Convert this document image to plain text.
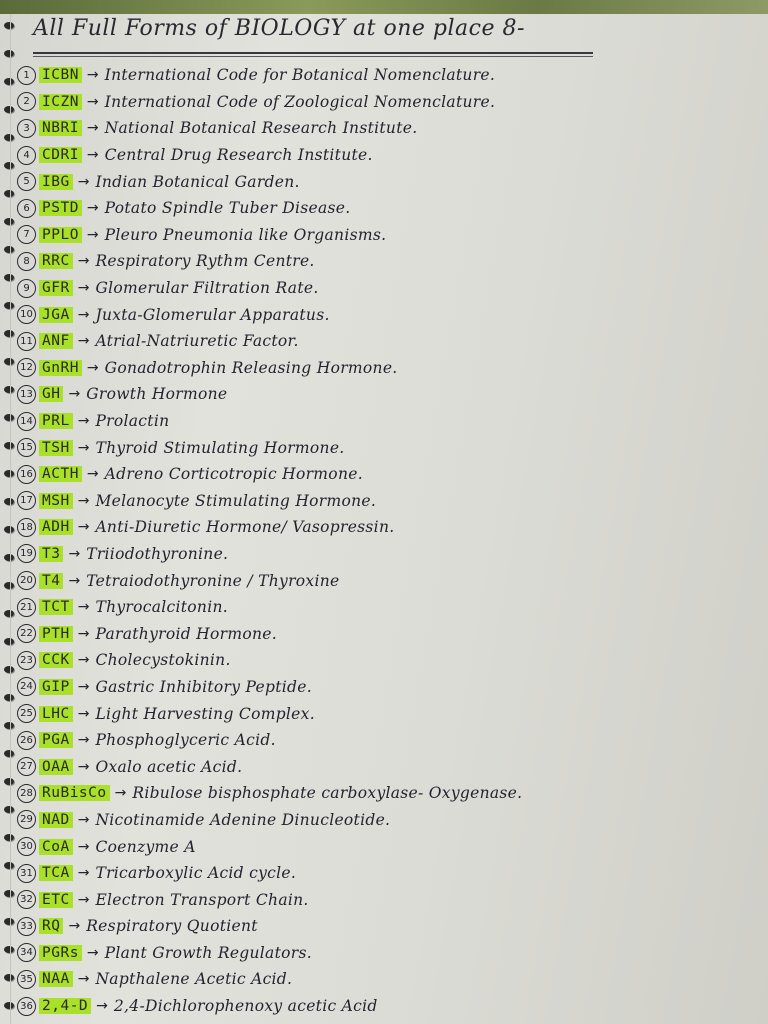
All Full Forms of BIOLOGY at one place 8-
1 ICBN → International Code for Botanical Nomenclature.
2 ICZN → International Code of Zoological Nomenclature.
3 NBRI → National Botanical Research Institute.
4 CDRI → Central Drug Research Institute.
5 IBG → Indian Botanical Garden.
6 PSTD → Potato Spindle Tuber Disease.
7 PPLO → Pleuro Pneumonia like Organisms.
8 RRC → Respiratory Rythm Centre.
9 GFR → Glomerular Filtration Rate.
10 JGA → Juxta-Glomerular Apparatus.
11 ANF → Atrial-Natriuretic Factor.
12 GnRH → Gonadotrophin Releasing Hormone.
13 GH → Growth Hormone
14 PRL → Prolactin
15 TSH → Thyroid Stimulating Hormone.
16 ACTH → Adreno Corticotropic Hormone.
17 MSH → Melanocyte Stimulating Hormone.
18 ADH → Anti-Diuretic Hormone/ Vasopressin.
19 T3 → Triiodothyronine.
20 T4 → Tetraiodothyronine / Thyroxine
21 TCT → Thyrocalcitonin.
22 PTH → Parathyroid Hormone.
23 CCK → Cholecystokinin.
24 GIP → Gastric Inhibitory Peptide.
25 LHC → Light Harvesting Complex.
26 PGA → Phosphoglyceric Acid.
27 OAA → Oxalo acetic Acid.
28 RuBisCo → Ribulose bisphosphate carboxylase- Oxygenase.
29 NAD → Nicotinamide Adenine Dinucleotide.
30 CoA → Coenzyme A
31 TCA → Tricarboxylic Acid cycle.
32 ETC → Electron Transport Chain.
33 RQ → Respiratory Quotient
34 PGRs → Plant Growth Regulators.
35 NAA → Napthalene Acetic Acid.
36 2,4-D → 2,4-Dichlorophenoxy acetic Acid
